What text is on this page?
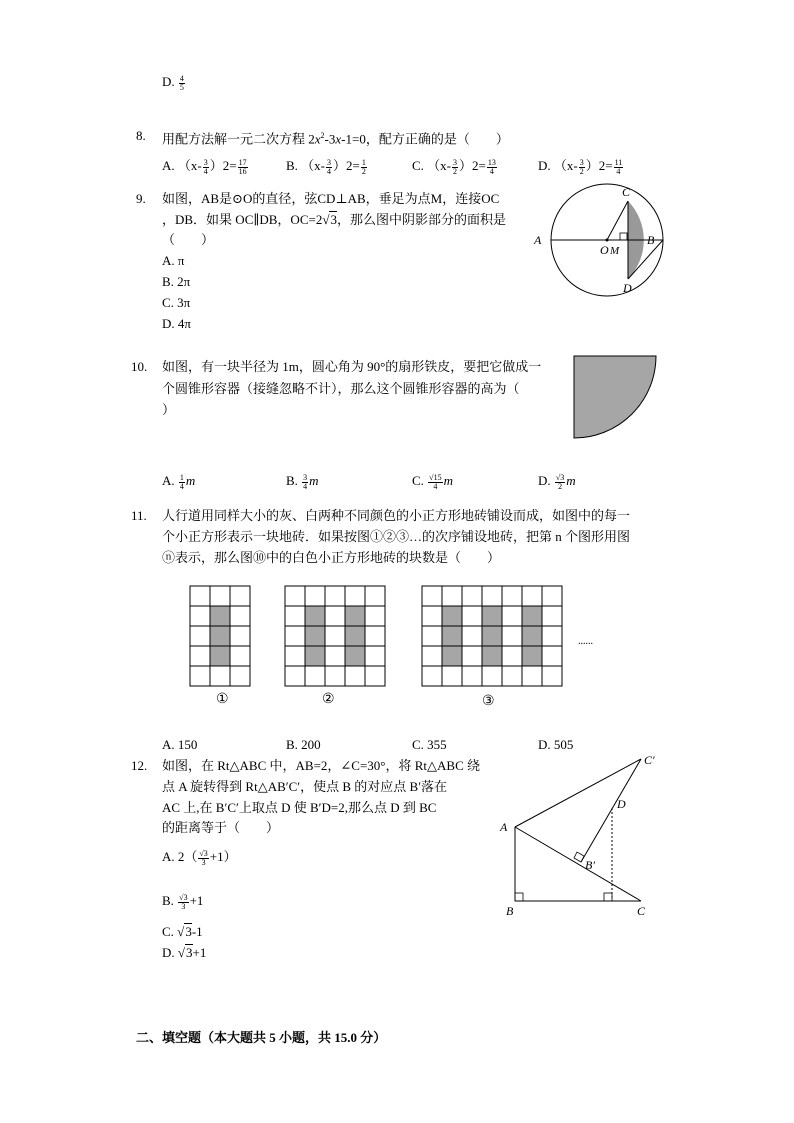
D. $\frac{4}{5}$
8. 用配方法解一元二次方程 $2x^2-3x-1=0$，配方正确的是（　　）
A. $(x- \frac{3}{4} )2= \frac{17}{16}$	B. $(x- \frac{3}{4} )2= \frac{1}{2}$	C. $(x- \frac{3}{2} )2= \frac{13}{4}$	D. $(x- \frac{3}{2} )2= \frac{11}{4}$
9. 如图，AB是⊙O的直径，弦CD⊥AB，垂足为点M，连接OC
，DB．如果 OC∥DB，OC=2√3，那么图中阴影部分的面积是
（　　）
A. π
B. 2π
C. 3π
D. 4π
A
O M
B
C
D
10. 如图，有一块半径为 1m，圆心角为 90°的扇形铁皮，要把它做成一
个圆锥形容器（接缝忽略不计），那么这个圆锥形容器的高为（
）
A. $\frac{1}{4}$ m	B. $\frac{3}{4}$ m	C. $\frac{√15}{4}$ m	D. $\frac{√3}{2}$ m
11. 人行道用同样大小的灰、白两种不同颜色的小正方形地砖铺设而成，如图中的每一
个小正方形表示一块地砖．如果按图①②③…的次序铺设地砖，把第 n 个图形用图
ⓝ表示，那么图⑩中的白色小正方形地砖的块数是（　　）
......
①	②	③
A. 150	B. 200	C. 355	D. 505
12. 如图，在 Rt△ABC 中，AB=2，∠C=30°，将 Rt△ABC 绕
点 A 旋转得到 Rt△AB′C′，使点 B 的对应点 B′落在
AC 上,在 B′C′上取点 D 使 B′D=2,那么点 D 到 BC
的距离等于（　　）
A. $2( \frac{√3}{3} +1)$
B. $\frac{√3}{3} +1$
C. √3-1
D. √3+1
A
B	C
C′
B′
D
二、填空题（本大题共 5 小题，共 15.0 分）
